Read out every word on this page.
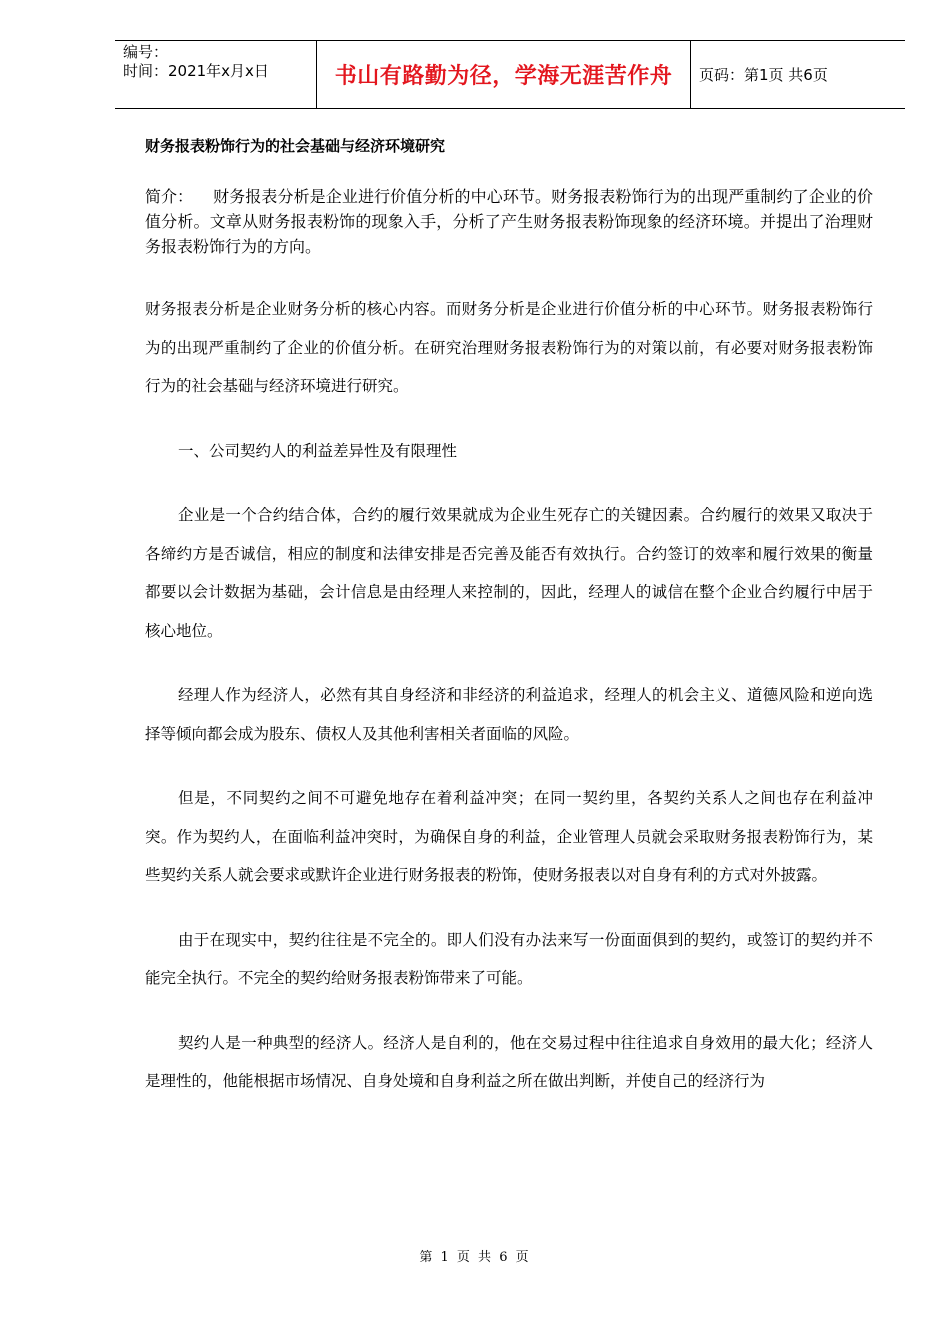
编号：
时间：2021年x月x日	书山有路勤为径，学海无涯苦作舟	页码：第1页 共6页

财务报表粉饰行为的社会基础与经济环境研究

简介： 财务报表分析是企业进行价值分析的中心环节。财务报表粉饰行为的出现严重制约了企业的价值分析。文章从财务报表粉饰的现象入手，分析了产生财务报表粉饰现象的经济环境。并提出了治理财务报表粉饰行为的方向。

财务报表分析是企业财务分析的核心内容。而财务分析是企业进行价值分析的中心环节。财务报表粉饰行为的出现严重制约了企业的价值分析。在研究治理财务报表粉饰行为的对策以前，有必要对财务报表粉饰行为的社会基础与经济环境进行研究。

一、公司契约人的利益差异性及有限理性

企业是一个合约结合体，合约的履行效果就成为企业生死存亡的关键因素。合约履行的效果又取决于各缔约方是否诚信，相应的制度和法律安排是否完善及能否有效执行。合约签订的效率和履行效果的衡量都要以会计数据为基础，会计信息是由经理人来控制的，因此，经理人的诚信在整个企业合约履行中居于核心地位。

经理人作为经济人，必然有其自身经济和非经济的利益追求，经理人的机会主义、道德风险和逆向选择等倾向都会成为股东、债权人及其他利害相关者面临的风险。

但是，不同契约之间不可避免地存在着利益冲突；在同一契约里，各契约关系人之间也存在利益冲突。作为契约人，在面临利益冲突时，为确保自身的利益，企业管理人员就会采取财务报表粉饰行为，某些契约关系人就会要求或默许企业进行财务报表的粉饰，使财务报表以对自身有利的方式对外披露。

由于在现实中，契约往往是不完全的。即人们没有办法来写一份面面俱到的契约，或签订的契约并不能完全执行。不完全的契约给财务报表粉饰带来了可能。

契约人是一种典型的经济人。经济人是自利的，他在交易过程中往往追求自身效用的最大化；经济人是理性的，他能根据市场情况、自身处境和自身利益之所在做出判断，并使自己的经济行为

第 1 页 共 6 页
